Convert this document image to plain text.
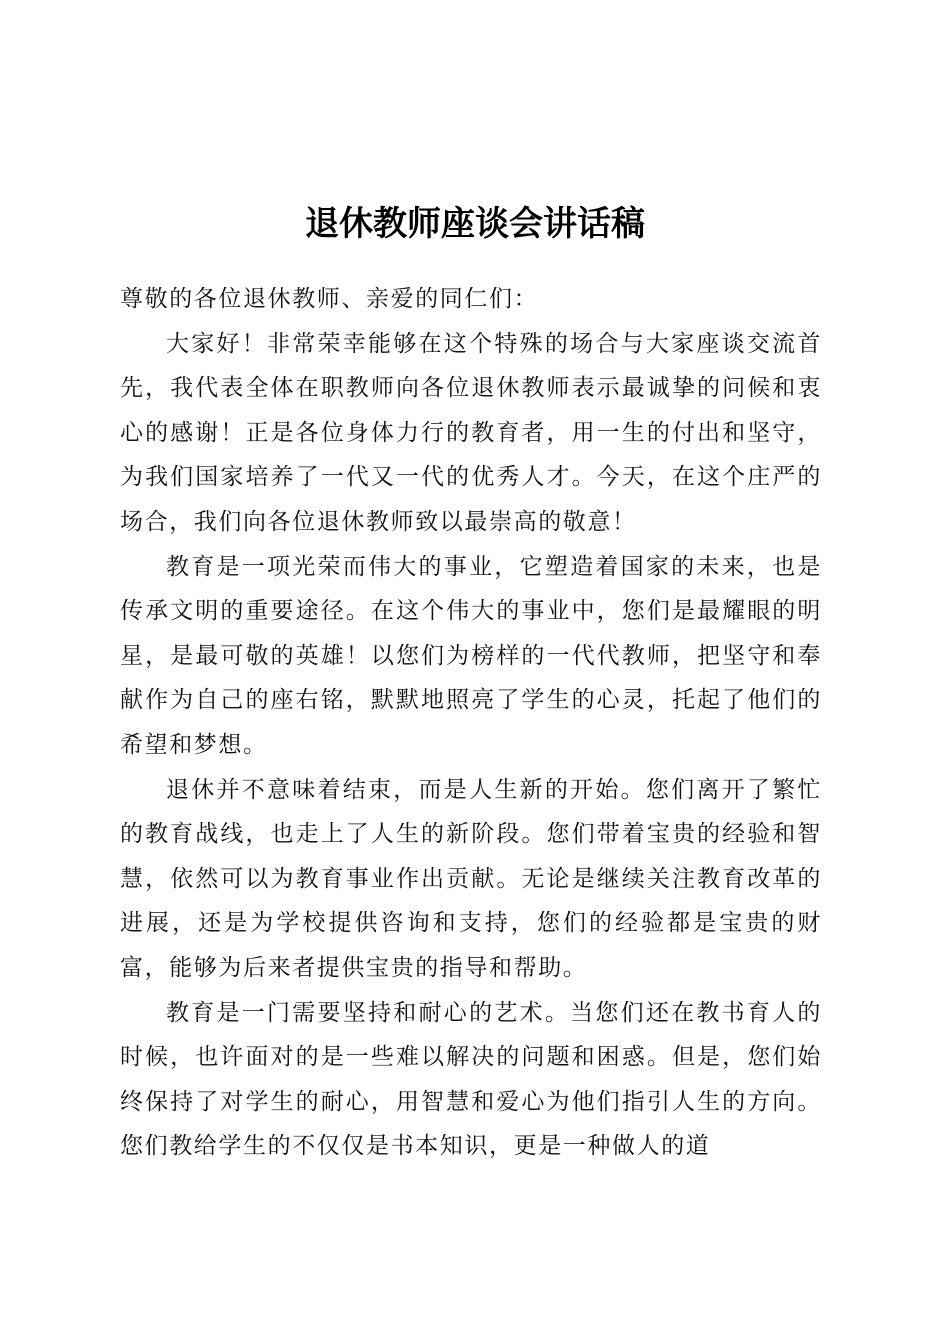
退休教师座谈会讲话稿

尊敬的各位退休教师、亲爱的同仁们：

大家好！非常荣幸能够在这个特殊的场合与大家座谈交流首先，我代表全体在职教师向各位退休教师表示最诚挚的问候和衷心的感谢！正是各位身体力行的教育者，用一生的付出和坚守，为我们国家培养了一代又一代的优秀人才。今天，在这个庄严的场合，我们向各位退休教师致以最崇高的敬意！

教育是一项光荣而伟大的事业，它塑造着国家的未来，也是传承文明的重要途径。在这个伟大的事业中，您们是最耀眼的明星，是最可敬的英雄！以您们为榜样的一代代教师，把坚守和奉献作为自己的座右铭，默默地照亮了学生的心灵，托起了他们的希望和梦想。

退休并不意味着结束，而是人生新的开始。您们离开了繁忙的教育战线，也走上了人生的新阶段。您们带着宝贵的经验和智慧，依然可以为教育事业作出贡献。无论是继续关注教育改革的进展，还是为学校提供咨询和支持，您们的经验都是宝贵的财富，能够为后来者提供宝贵的指导和帮助。

教育是一门需要坚持和耐心的艺术。当您们还在教书育人的时候，也许面对的是一些难以解决的问题和困惑。但是，您们始终保持了对学生的耐心，用智慧和爱心为他们指引人生的方向。您们教给学生的不仅仅是书本知识，更是一种做人的道
